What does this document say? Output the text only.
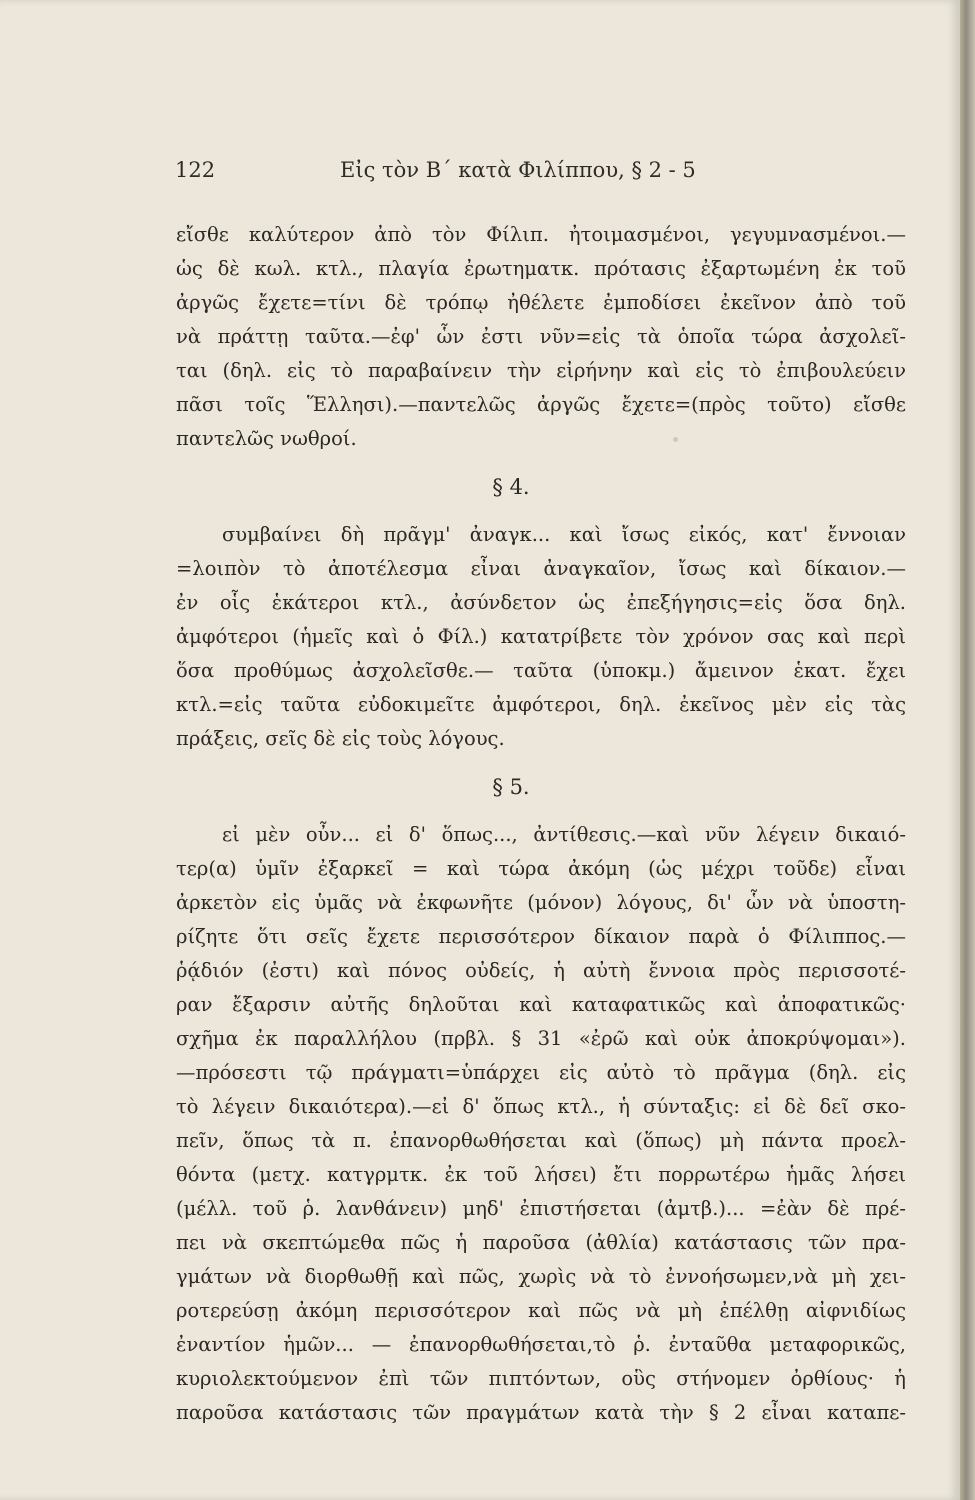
122	Εἰς τὸν Β΄ κατὰ Φιλίππου, § 2 - 5
εἴσθε καλύτερον ἀπὸ τὸν Φίλιπ. ἠτοιμασμένοι, γεγυμνασμένοι.—
ὡς δὲ κωλ. κτλ., πλαγία ἐρωτηματκ. πρότασις ἐξαρτωμένη ἐκ τοῦ
ἀργῶς ἔχετε=τίνι δὲ τρόπῳ ἠθέλετε ἐμποδίσει ἐκεῖνον ἀπὸ τοῦ
νὰ πράττῃ ταῦτα.—ἐφ' ὧν ἐστι νῦν=εἰς τὰ ὁποῖα τώρα ἀσχολεῖ-
ται (δηλ. εἰς τὸ παραβαίνειν τὴν εἰρήνην καὶ εἰς τὸ ἐπιβουλεύειν
πᾶσι τοῖς Ἕλλησι).—παντελῶς ἀργῶς ἔχετε=(πρὸς τοῦτο) εἴσθε
παντελῶς νωθροί.
§ 4.
συμβαίνει δὴ πρᾶγμ' ἀναγκ... καὶ ἴσως εἰκός, κατ' ἔννοιαν
=λοιπὸν τὸ ἀποτέλεσμα εἶναι ἀναγκαῖον, ἴσως καὶ δίκαιον.—
ἐν οἷς ἑκάτεροι κτλ., ἀσύνδετον ὡς ἐπεξήγησις=εἰς ὅσα δηλ.
ἀμφότεροι (ἡμεῖς καὶ ὁ Φίλ.) κατατρίβετε τὸν χρόνον σας καὶ περὶ
ὅσα προθύμως ἀσχολεῖσθε.— ταῦτα (ὑποκμ.) ἄμεινον ἑκατ. ἔχει
κτλ.=εἰς ταῦτα εὐδοκιμεῖτε ἀμφότεροι, δηλ. ἐκεῖνος μὲν εἰς τὰς
πράξεις, σεῖς δὲ εἰς τοὺς λόγους.
§ 5.
εἰ μὲν οὖν... εἰ δ' ὅπως..., ἀντίθεσις.—καὶ νῦν λέγειν δικαιό-
τερ(α) ὑμῖν ἐξαρκεῖ = καὶ τώρα ἀκόμη (ὡς μέχρι τοῦδε) εἶναι
ἀρκετὸν εἰς ὑμᾶς νὰ ἐκφωνῆτε (μόνον) λόγους, δι' ὧν νὰ ὑποστη-
ρίζητε ὅτι σεῖς ἔχετε περισσότερον δίκαιον παρὰ ὁ Φίλιππος.—
ῥᾴδιόν (ἐστι) καὶ πόνος οὐδείς, ἡ αὐτὴ ἔννοια πρὸς περισσοτέ-
ραν ἔξαρσιν αὐτῆς δηλοῦται καὶ καταφατικῶς καὶ ἀποφατικῶς·
σχῆμα ἐκ παραλλήλου (πρβλ. § 31 «ἐρῶ καὶ οὐκ ἀποκρύψομαι»).
—πρόσεστι τῷ πράγματι=ὑπάρχει εἰς αὐτὸ τὸ πρᾶγμα (δηλ. εἰς
τὸ λέγειν δικαιότερα).—εἰ δ' ὅπως κτλ., ἡ σύνταξις: εἰ δὲ δεῖ σκο-
πεῖν, ὅπως τὰ π. ἐπανορθωθήσεται καὶ (ὅπως) μὴ πάντα προελ-
θόντα (μετχ. κατγρμτκ. ἐκ τοῦ λήσει) ἔτι πορρωτέρω ἡμᾶς λήσει
(μέλλ. τοῦ ῥ. λανθάνειν) μηδ' ἐπιστήσεται (ἀμτβ.)... =ἐὰν δὲ πρέ-
πει νὰ σκεπτώμεθα πῶς ἡ παροῦσα (ἀθλία) κατάστασις τῶν πρα-
γμάτων νὰ διορθωθῇ καὶ πῶς, χωρὶς νὰ τὸ ἐννοήσωμεν,νὰ μὴ χει-
ροτερεύσῃ ἀκόμη περισσότερον καὶ πῶς νὰ μὴ ἐπέλθῃ αἰφνιδίως
ἐναντίον ἡμῶν... — ἐπανορθωθήσεται,τὸ ῥ. ἐνταῦθα μεταφορικῶς,
κυριολεκτούμενον ἐπὶ τῶν πιπτόντων, οὓς στήνομεν ὀρθίους· ἡ
παροῦσα κατάστασις τῶν πραγμάτων κατὰ τὴν § 2 εἶναι καταπε-
